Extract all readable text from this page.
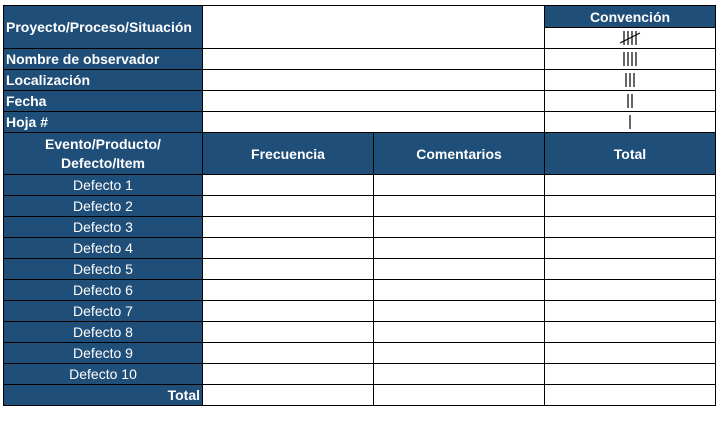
Proyecto/Proceso/Situación			Convención

Nombre de observador		

Localización		

Fecha		

Hoja #		

Evento/Producto/
Defecto/Item	Frecuencia	Comentarios	Total
Defecto 1			
Defecto 2			
Defecto 3			
Defecto 4			
Defecto 5			
Defecto 6			
Defecto 7			
Defecto 8			
Defecto 9			
Defecto 10			
Total			
